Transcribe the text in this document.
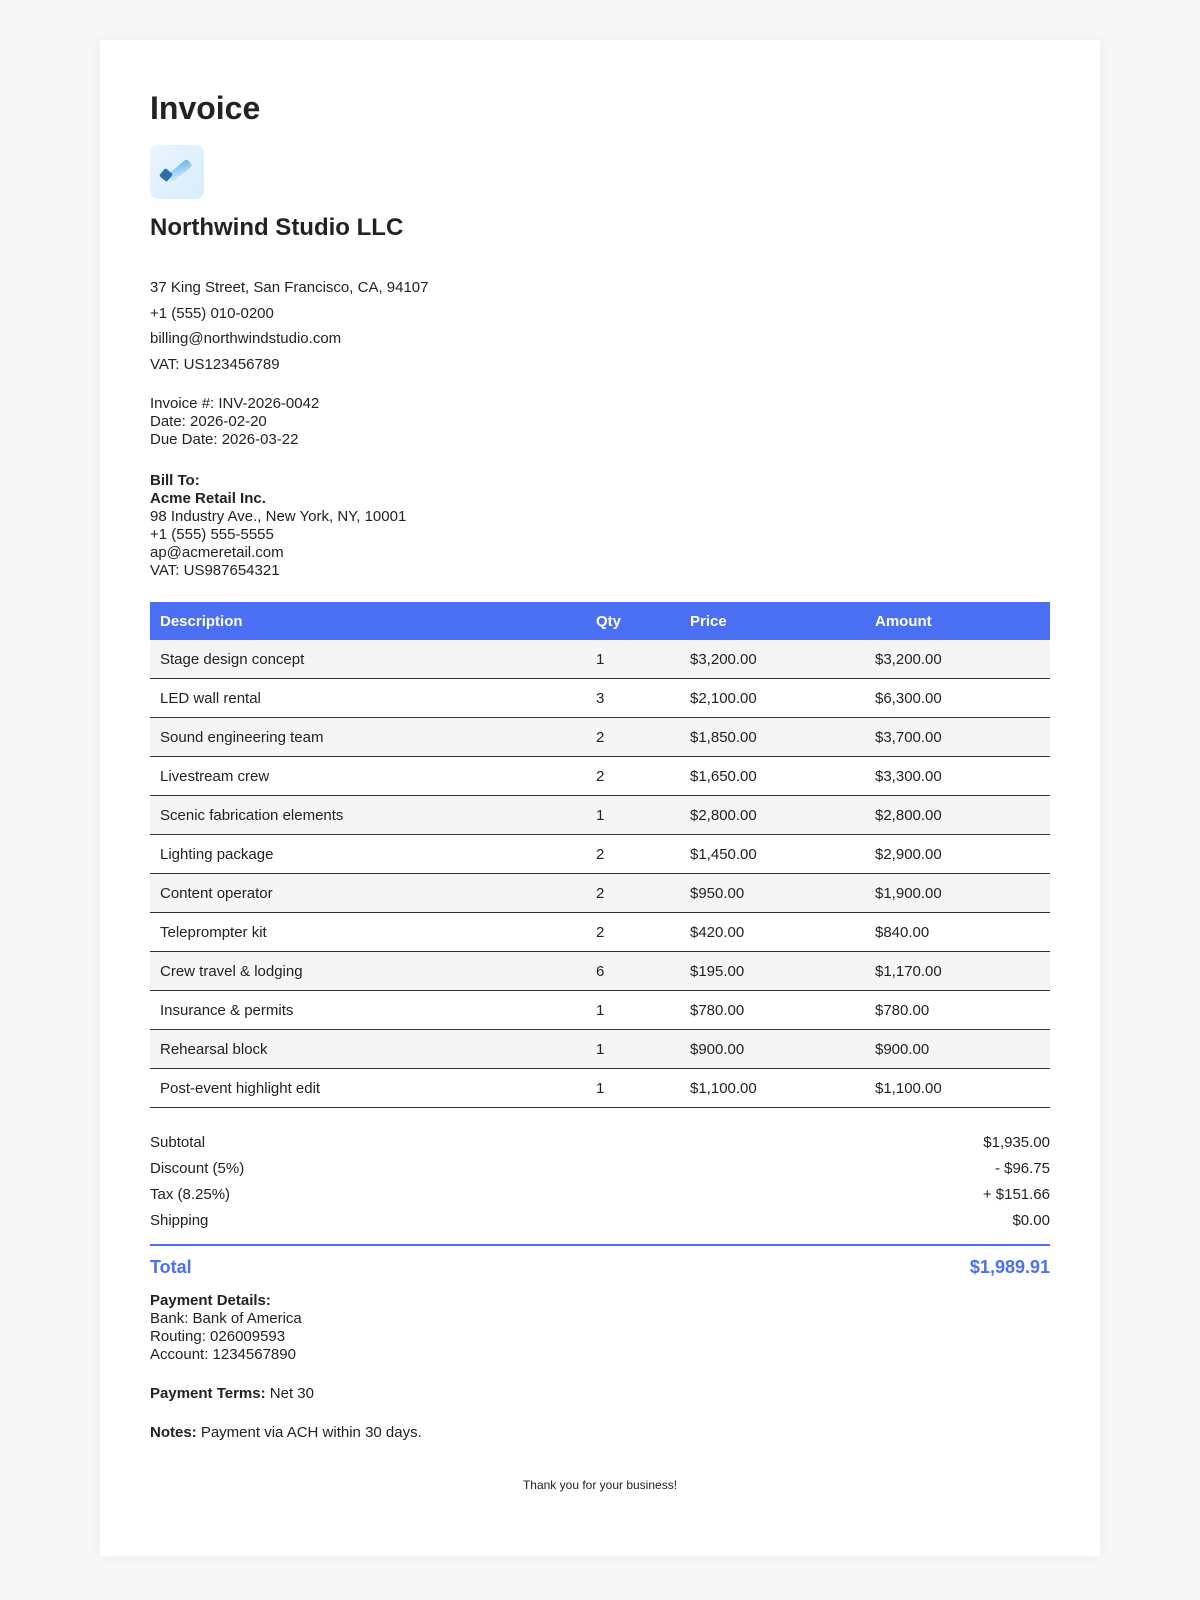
Invoice
Northwind Studio LLC
37 King Street, San Francisco, CA, 94107
+1 (555) 010-0200
billing@northwindstudio.com
VAT: US123456789
Invoice #: INV-2026-0042
Date: 2026-02-20
Due Date: 2026-03-22
Bill To:
Acme Retail Inc.
98 Industry Ave., New York, NY, 10001
+1 (555) 555-5555
ap@acmeretail.com
VAT: US987654321
Description	Qty	Price	Amount
Stage design concept	1	$3,200.00	$3,200.00
LED wall rental	3	$2,100.00	$6,300.00
Sound engineering team	2	$1,850.00	$3,700.00
Livestream crew	2	$1,650.00	$3,300.00
Scenic fabrication elements	1	$2,800.00	$2,800.00
Lighting package	2	$1,450.00	$2,900.00
Content operator	2	$950.00	$1,900.00
Teleprompter kit	2	$420.00	$840.00
Crew travel & lodging	6	$195.00	$1,170.00
Insurance & permits	1	$780.00	$780.00
Rehearsal block	1	$900.00	$900.00
Post-event highlight edit	1	$1,100.00	$1,100.00
Subtotal	$1,935.00
Discount (5%)	- $96.75
Tax (8.25%)	+ $151.66
Shipping	$0.00
Total	$1,989.91
Payment Details:
Bank: Bank of America
Routing: 026009593
Account: 1234567890
Payment Terms: Net 30
Notes: Payment via ACH within 30 days.
Thank you for your business!
